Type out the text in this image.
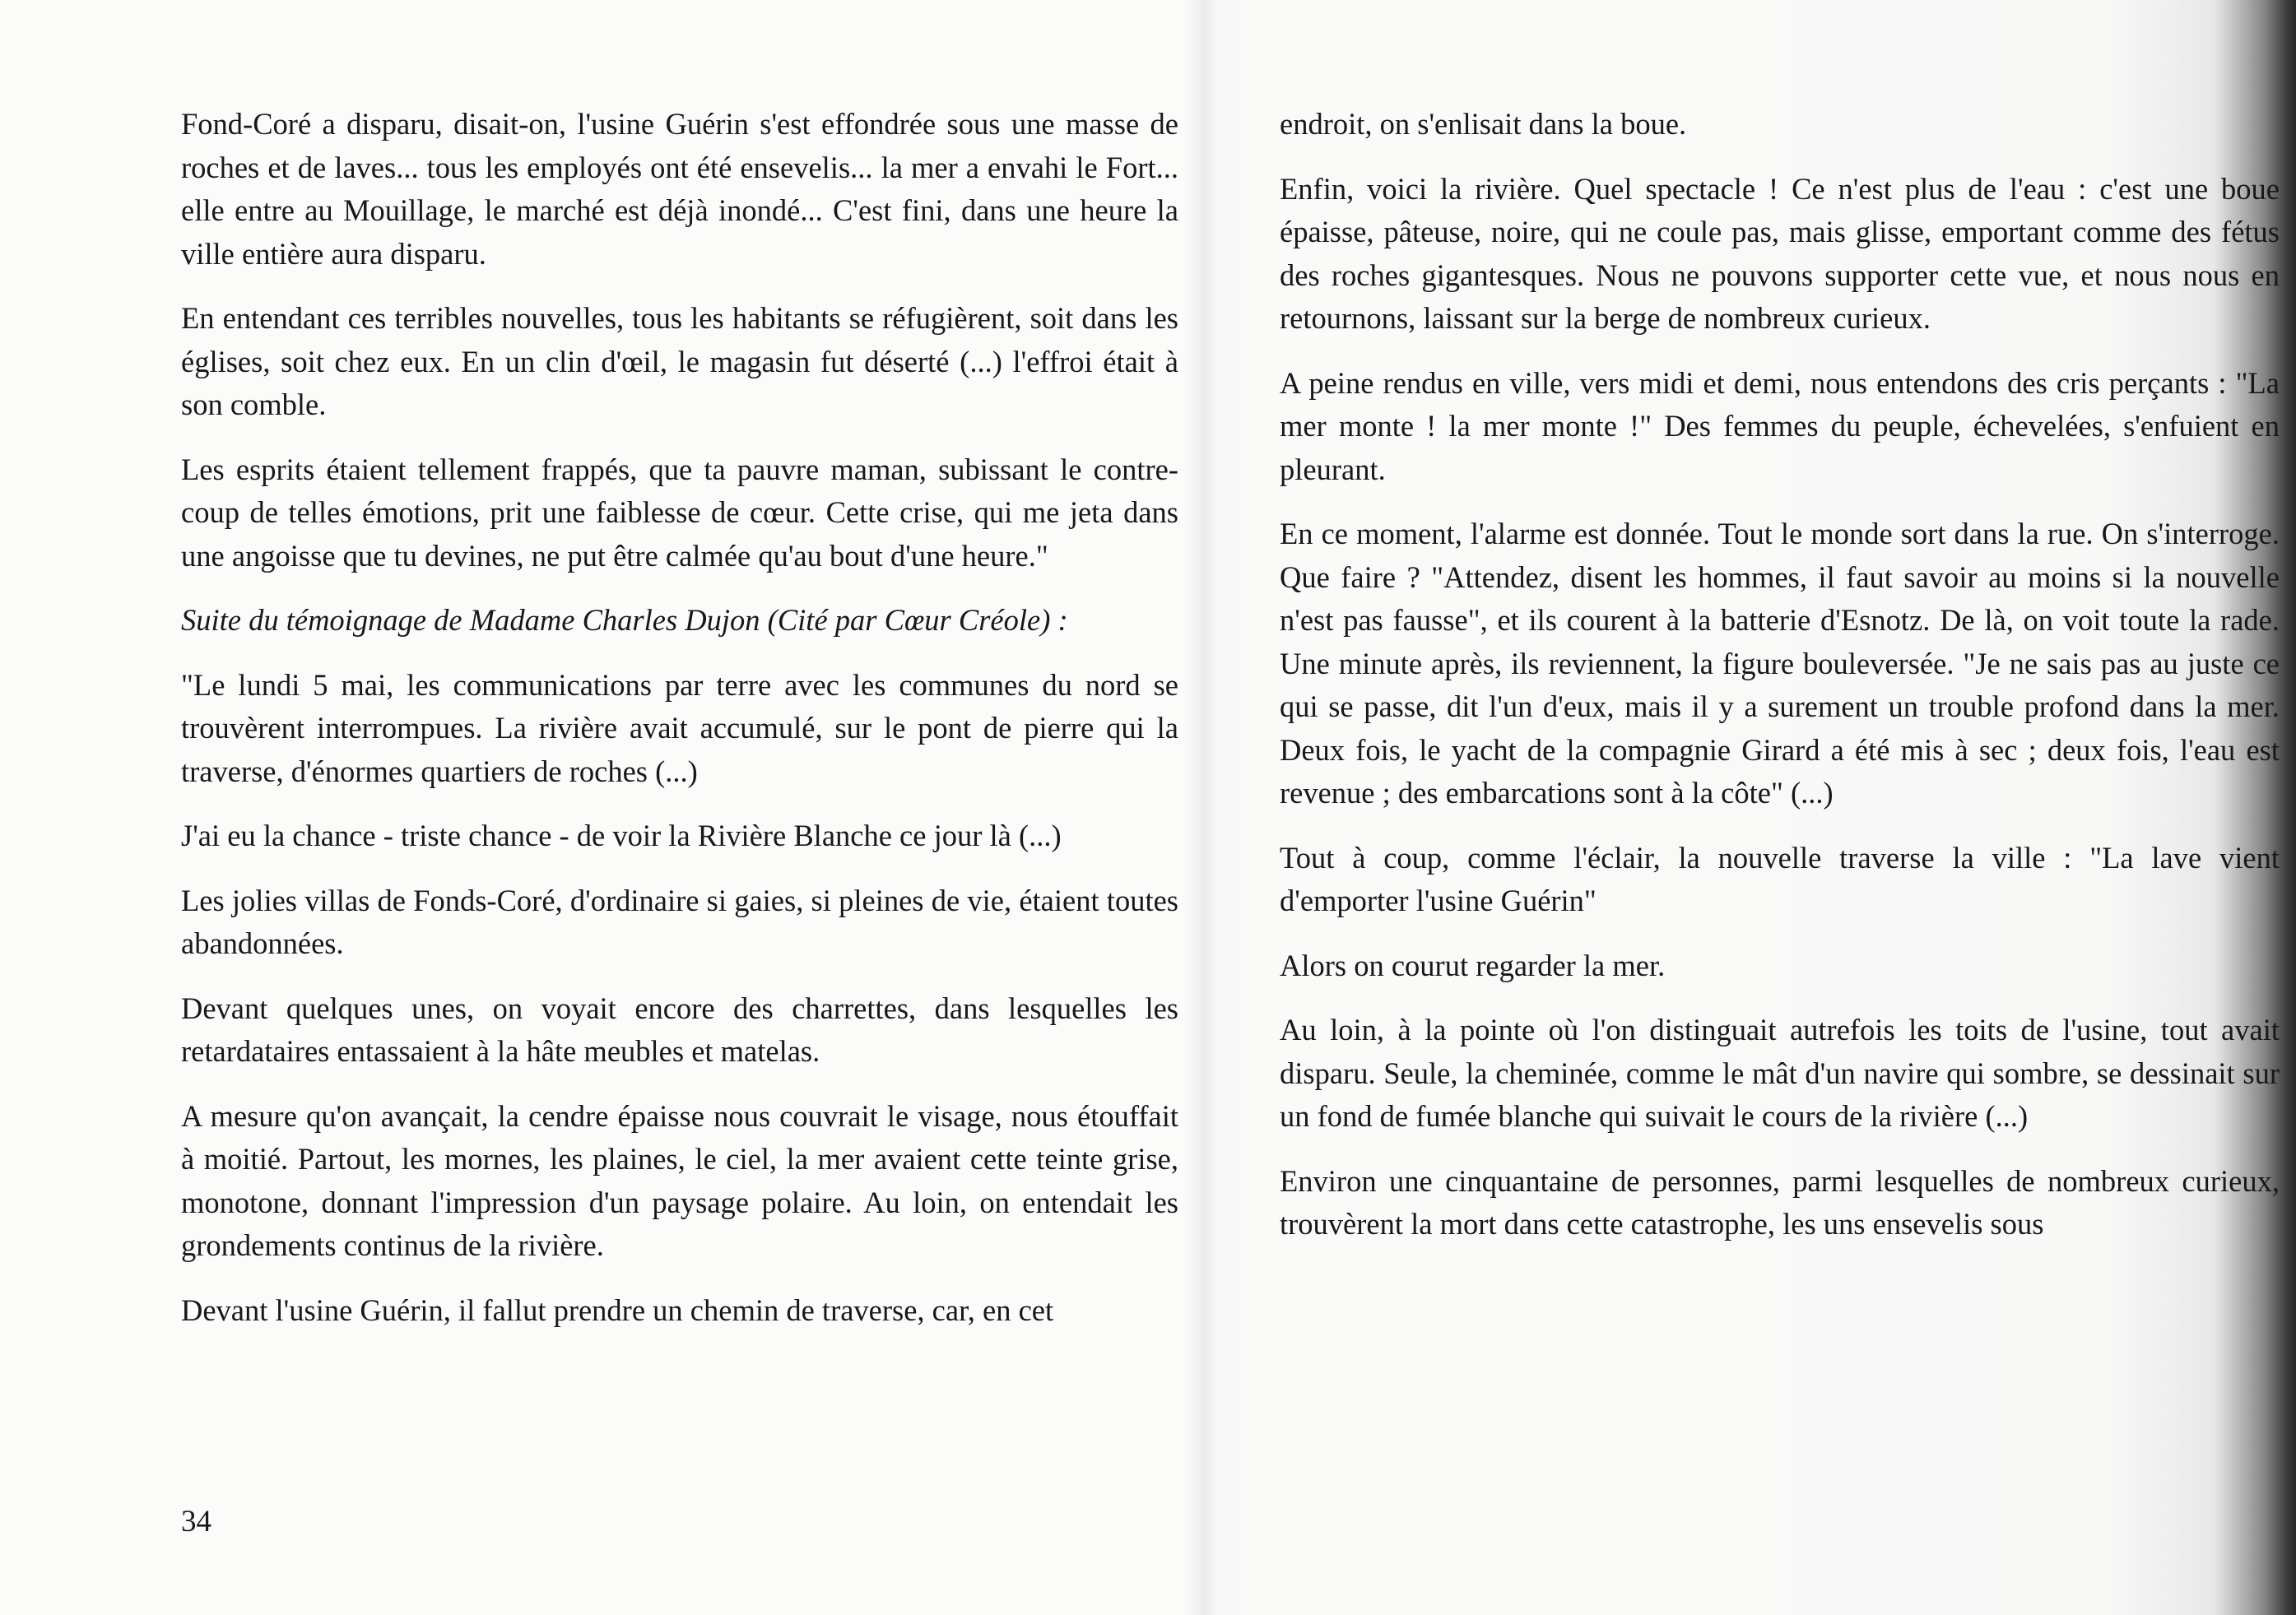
Fond-Coré a disparu, disait-on, l'usine Guérin s'est effondrée sous une masse de roches et de laves... tous les employés ont été ensevelis... la mer a envahi le Fort... elle entre au Mouillage, le marché est déjà inondé... C'est fini, dans une heure la ville entière aura disparu.

En entendant ces terribles nouvelles, tous les habitants se réfugièrent, soit dans les églises, soit chez eux. En un clin d'œil, le magasin fut déserté (...) l'effroi était à son comble.

Les esprits étaient tellement frappés, que ta pauvre maman, subissant le contre-coup de telles émotions, prit une faiblesse de cœur. Cette crise, qui me jeta dans une angoisse que tu devines, ne put être calmée qu'au bout d'une heure."

Suite du témoignage de Madame Charles Dujon (Cité par Cœur Créole) :

"Le lundi 5 mai, les communications par terre avec les communes du nord se trouvèrent interrompues. La rivière avait accumulé, sur le pont de pierre qui la traverse, d'énormes quartiers de roches (...)

J'ai eu la chance - triste chance - de voir la Rivière Blanche ce jour là (...)

Les jolies villas de Fonds-Coré, d'ordinaire si gaies, si pleines de vie, étaient toutes abandonnées.

Devant quelques unes, on voyait encore des charrettes, dans lesquelles les retardataires entassaient à la hâte meubles et matelas.

A mesure qu'on avançait, la cendre épaisse nous couvrait le visage, nous étouffait à moitié. Partout, les mornes, les plaines, le ciel, la mer avaient cette teinte grise, monotone, donnant l'impression d'un paysage polaire. Au loin, on entendait les grondements continus de la rivière.

Devant l'usine Guérin, il fallut prendre un chemin de traverse, car, en cet

34

endroit, on s'enlisait dans la boue.

Enfin, voici la rivière. Quel spectacle ! Ce n'est plus de l'eau : c'est une boue épaisse, pâteuse, noire, qui ne coule pas, mais glisse, emportant comme des fétus des roches gigantesques. Nous ne pouvons supporter cette vue, et nous nous en retournons, laissant sur la berge de nombreux curieux.

A peine rendus en ville, vers midi et demi, nous entendons des cris perçants : "La mer monte ! la mer monte !" Des femmes du peuple, échevelées, s'enfuient en pleurant.

En ce moment, l'alarme est donnée. Tout le monde sort dans la rue. On s'interroge. Que faire ? "Attendez, disent les hommes, il faut savoir au moins si la nouvelle n'est pas fausse", et ils courent à la batterie d'Esnotz. De là, on voit toute la rade. Une minute après, ils reviennent, la figure bouleversée. "Je ne sais pas au juste ce qui se passe, dit l'un d'eux, mais il y a surement un trouble profond dans la mer. Deux fois, le yacht de la compagnie Girard a été mis à sec ; deux fois, l'eau est revenue ; des embarcations sont à la côte" (...)

Tout à coup, comme l'éclair, la nouvelle traverse la ville : "La lave vient d'emporter l'usine Guérin"

Alors on courut regarder la mer.

Au loin, à la pointe où l'on distinguait autrefois les toits de l'usine, tout avait disparu. Seule, la cheminée, comme le mât d'un navire qui sombre, se dessinait sur un fond de fumée blanche qui suivait le cours de la rivière (...)

Environ une cinquantaine de personnes, parmi lesquelles de nombreux curieux, trouvèrent la mort dans cette catastrophe, les uns ensevelis sous
